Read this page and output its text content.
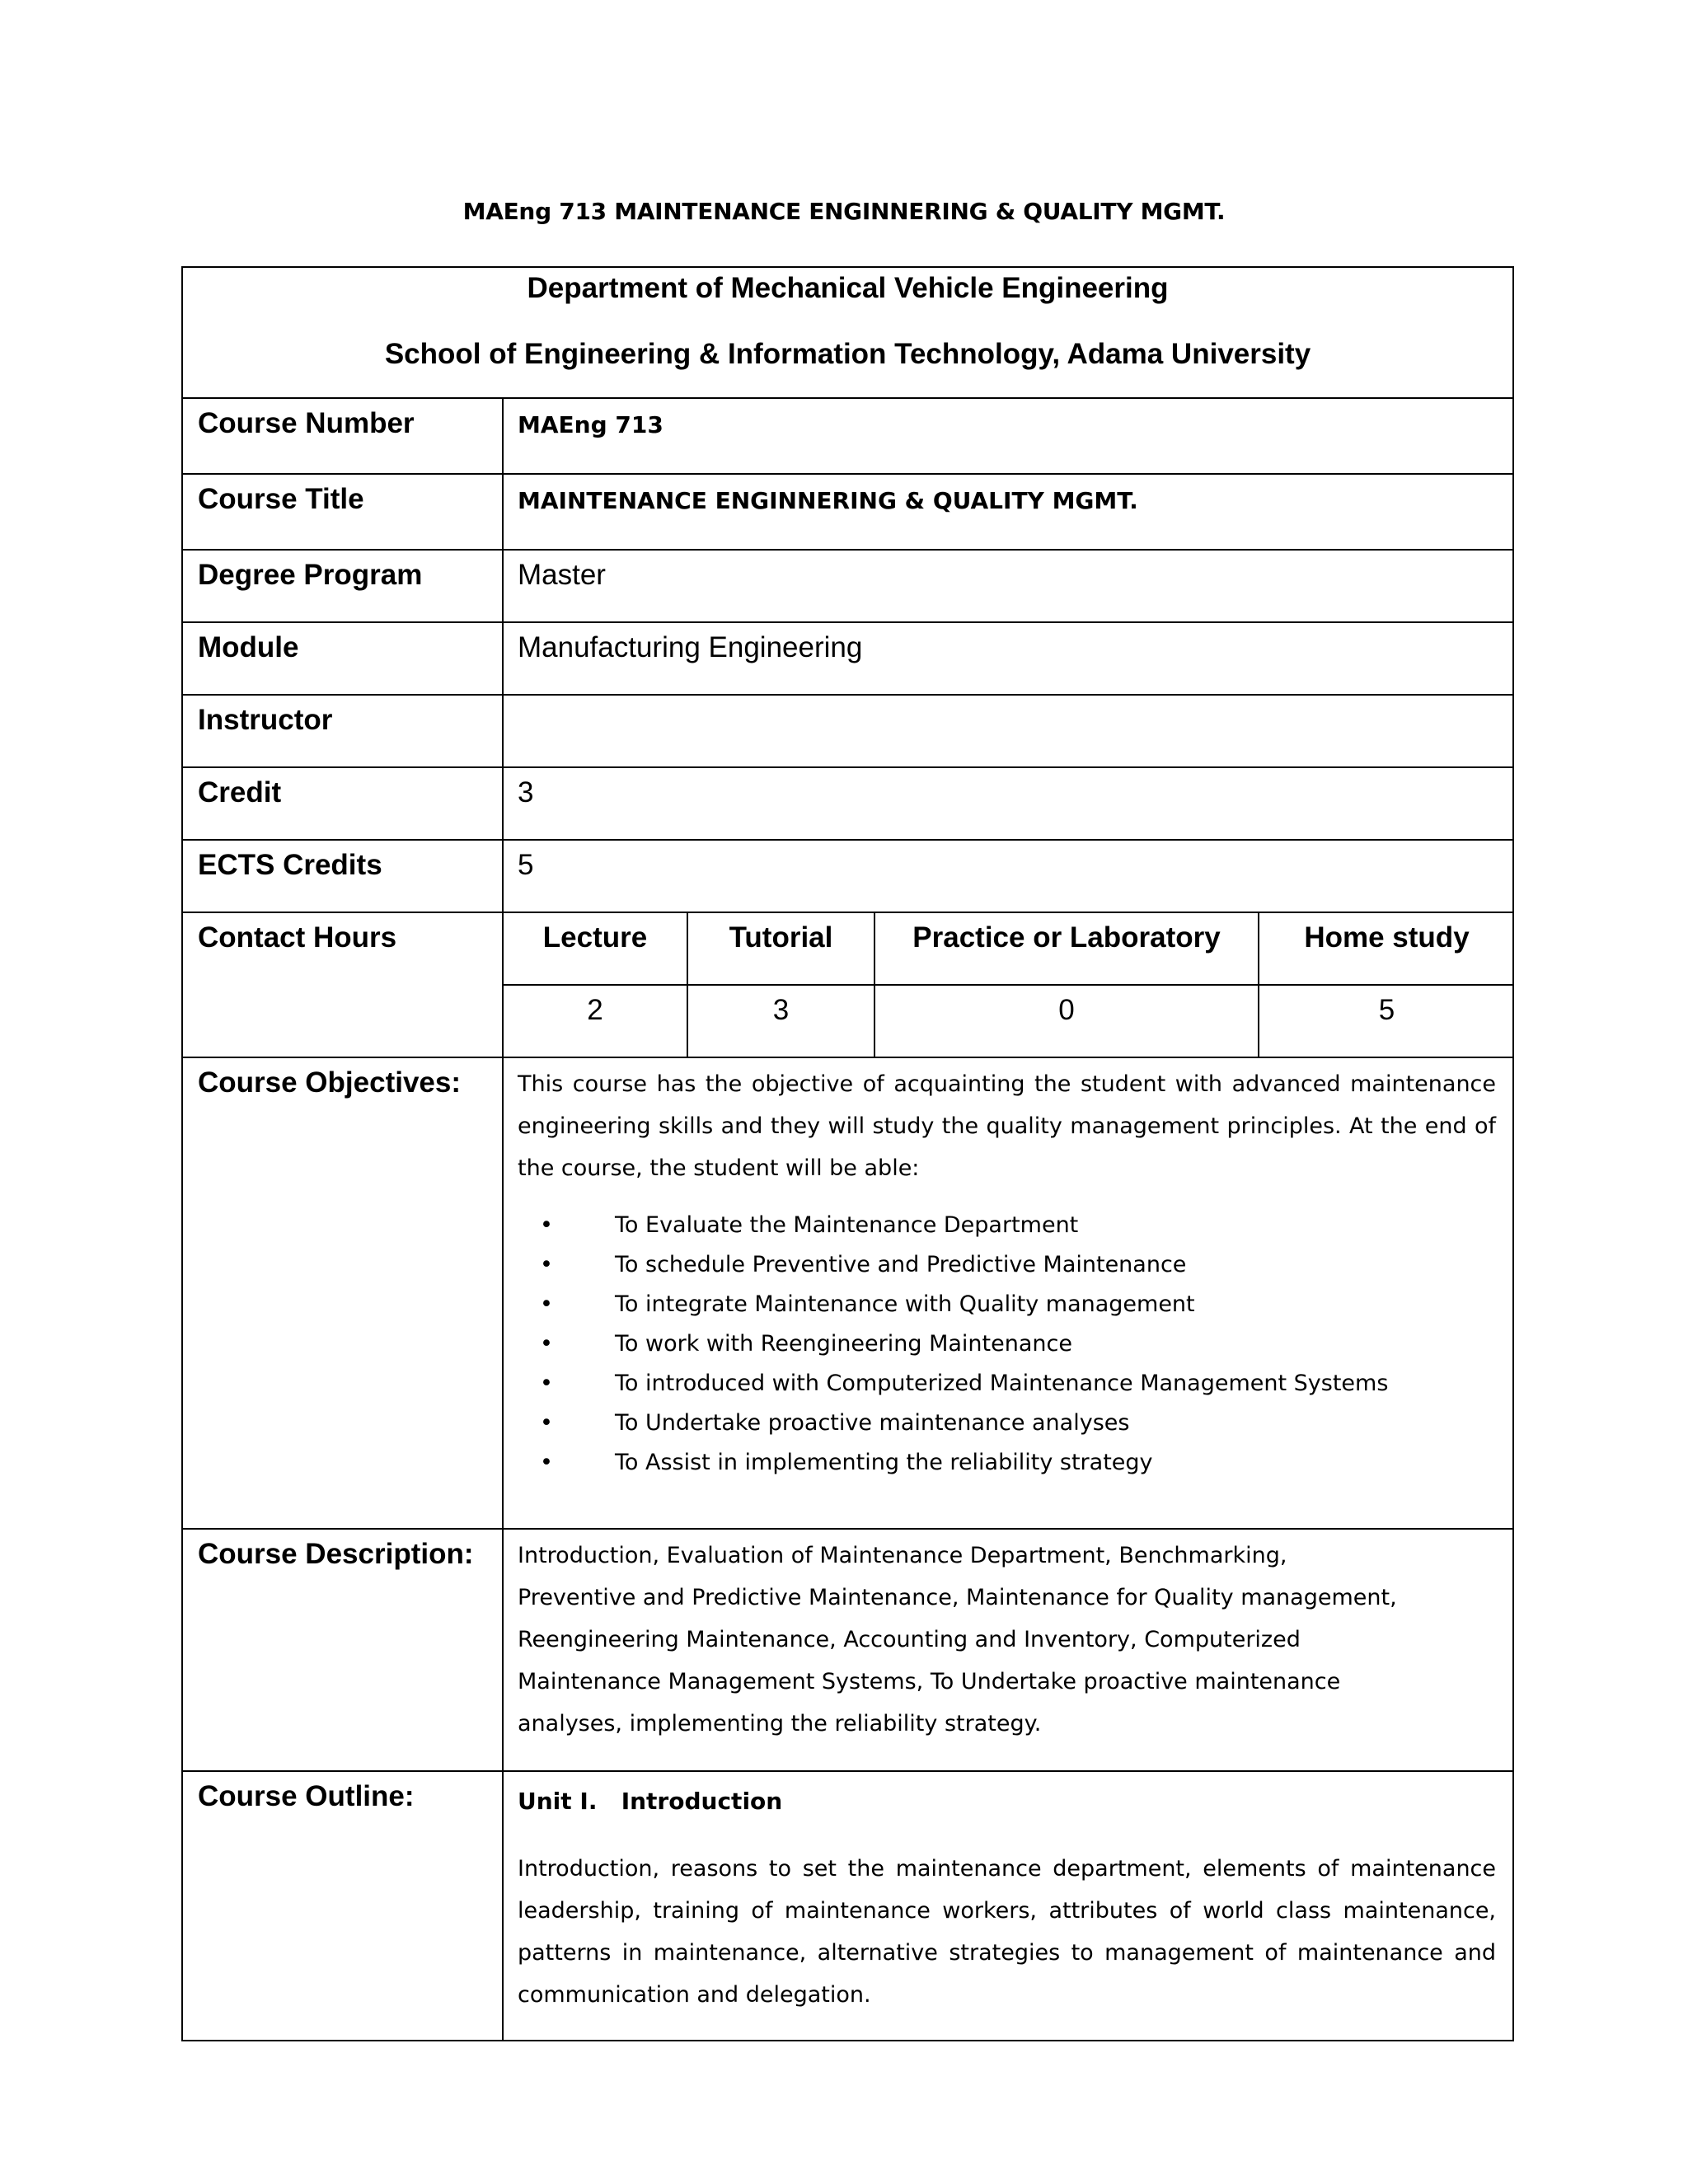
MAEng 713 MAINTENANCE ENGINNERING & QUALITY MGMT.
Department of Mechanical Vehicle Engineering
School of Engineering & Information Technology, Adama University

Course Number	MAEng 713
Course Title	MAINTENANCE ENGINNERING & QUALITY MGMT.
Degree Program	Master
Module	Manufacturing Engineering
Instructor	
Credit	3
ECTS Credits	5
Contact Hours		Lecture	Tutorial	Practice or Laboratory	Home study
2	3	0	5

Course Objectives:	This course has the objective of acquainting the student with advanced maintenance engineering skills and they will study the quality management principles. At the end of the course, the student will be able:
•	To Evaluate the Maintenance Department
•	To schedule Preventive and Predictive Maintenance
•	To integrate Maintenance with Quality management
•	To work with Reengineering Maintenance
•	To introduced with Computerized Maintenance Management Systems
•	To Undertake proactive maintenance analyses
•	To Assist in implementing the reliability strategy

Course Description:	Introduction, Evaluation of Maintenance Department, Benchmarking,
Preventive and Predictive Maintenance, Maintenance for Quality management,
Reengineering Maintenance, Accounting and Inventory, Computerized
Maintenance Management Systems, To Undertake proactive maintenance
analyses, implementing the reliability strategy.

Course Outline:	Unit I.   Introduction
Introduction, reasons to set the maintenance department, elements of maintenance leadership, training of maintenance workers, attributes of world class maintenance, patterns in maintenance, alternative strategies to management of maintenance and communication and delegation.
